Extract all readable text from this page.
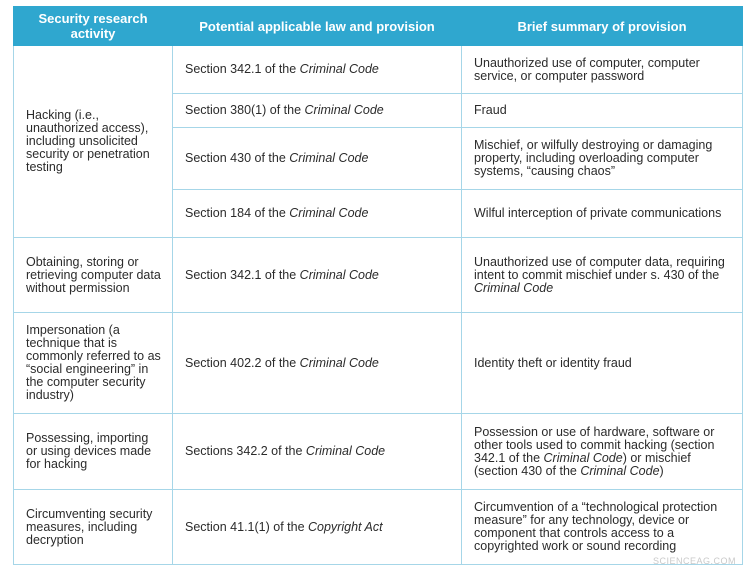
Security research activity	Potential applicable law and provision	Brief summary of provision
Hacking (i.e., unauthorized access), including unsolicited security or penetration testing	Section 342.1 of the Criminal Code	Unauthorized use of computer, computer service, or computer password
	Section 380(1) of the Criminal Code	Fraud
	Section 430 of the Criminal Code	Mischief, or wilfully destroying or damaging property, including overloading computer systems, “causing chaos”
	Section 184 of the Criminal Code	Wilful interception of private communications
Obtaining, storing or retrieving computer data without permission	Section 342.1 of the Criminal Code	Unauthorized use of computer data, requiring intent to commit mischief under s. 430 of the Criminal Code
Impersonation (a technique that is commonly referred to as “social engineering” in the computer security industry)	Section 402.2 of the Criminal Code	Identity theft or identity fraud
Possessing, importing or using devices made for hacking	Sections 342.2 of the Criminal Code	Possession or use of hardware, software or other tools used to commit hacking (section 342.1 of the Criminal Code) or mischief (section 430 of the Criminal Code)
Circumventing security measures, including decryption	Section 41.1(1) of the Copyright Act	Circumvention of a “technological protection measure” for any technology, device or component that controls access to a copyrighted work or sound recording
SCIENCEAG.COM
